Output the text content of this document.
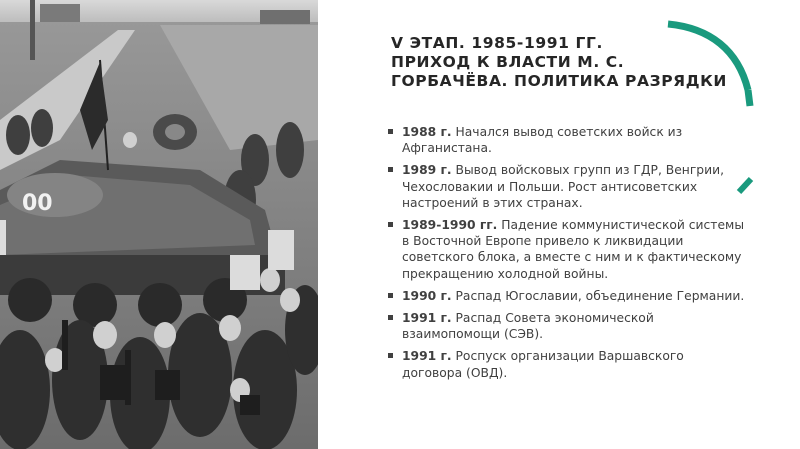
00
V ЭТАП. 1985-1991 ГГ.
ПРИХОД К ВЛАСТИ М. С.
ГОРБАЧЁВА. ПОЛИТИКА РАЗРЯДКИ
1988 г. Начался вывод советских войск из Афганистана.
1989 г. Вывод войсковых групп из ГДР, Венгрии, Чехословакии и Польши. Рост антисоветских настроений в этих странах.
1989-1990 гг. Падение коммунистической системы в Восточной Европе привело к ликвидации советского блока, а вместе с ним и к фактическому прекращению холодной войны.
1990 г. Распад Югославии, объединение Германии.
1991 г. Распад Совета экономической взаимопомощи (СЭВ).
1991 г. Роспуск организации Варшавского договора (ОВД).
